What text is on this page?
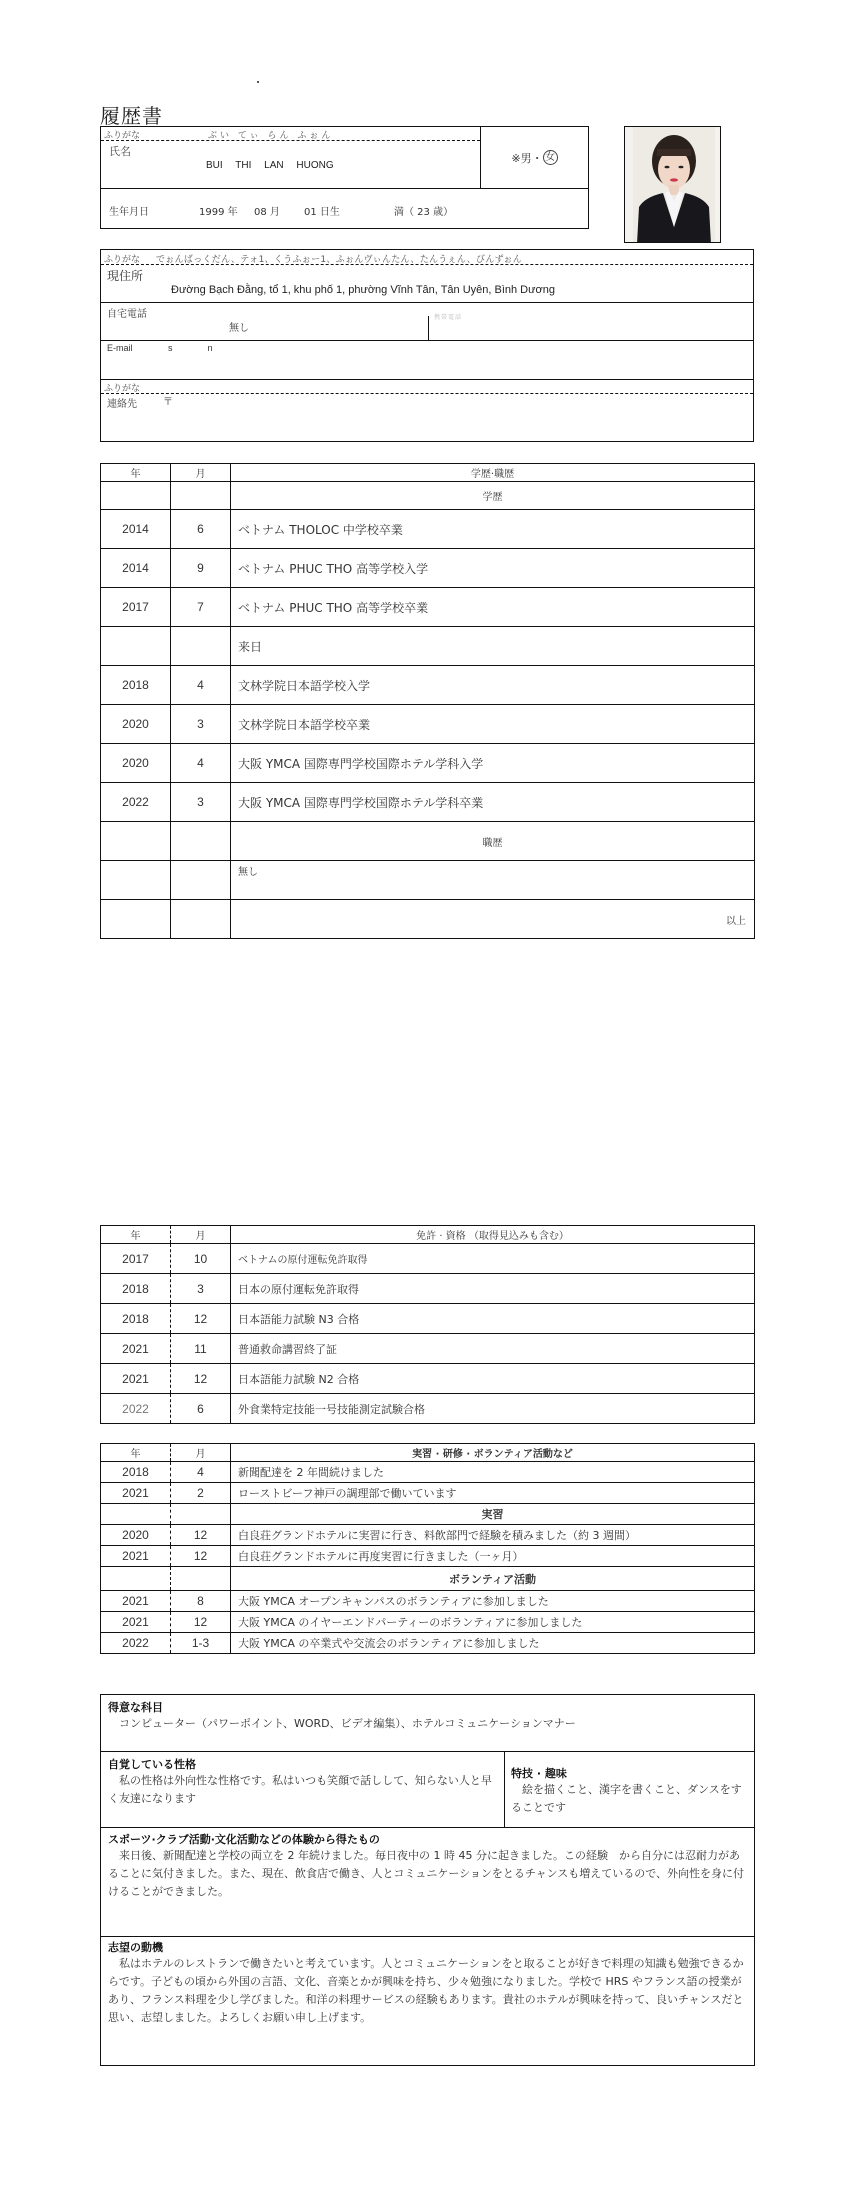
履歴書
ふりがな	ぶい てぃ らん ふぉん
氏名
BUI THI LAN HUONG
※男・ 女
生年月日	1999 年	08 月	01 日生	満（ 23 歳）
ふりがな でぉんばっくだん、テォ1、くうふぉー1、ふぉんヴぃんたん、たんうぇん、びんずぉん
現住所
Đường Bạch Đằng, tổ 1, khu phố 1, phường Vĩnh Tân, Tân Uyên, Bình Dương
自宅電話
無し
携帯電話
E-mail	s              n
ふりがな
連絡先	〒
年	月	学歴·職歴
		学歴
2014	6	ベトナム THOLOC 中学校卒業
2014	9	ベトナム PHUC THO 高等学校入学
2017	7	ベトナム PHUC THO 高等学校卒業
		来日
2018	4	文林学院日本語学校入学
2020	3	文林学院日本語学校卒業
2020	4	大阪 YMCA 国際専門学校国際ホテル学科入学
2022	3	大阪 YMCA 国際専門学校国際ホテル学科卒業
		職歴
		無し
		以上
年	月	免許 · 資格 （取得見込みも含む）
2017	10	ベトナムの原付運転免許取得
2018	3	日本の原付運転免許取得
2018	12	日本語能力試験 N3 合格
2021	11	普通救命講習終了証
2021	12	日本語能力試験 N2 合格
2022	6	外食業特定技能一号技能測定試験合格
年	月	実習 · 研修 · ボランティア活動など
2018	4	新聞配達を 2 年間続けました
2021	2	ローストビーフ神戸の調理部で働いています
		実習
2020	12	白良荘グランドホテルに実習に行き、料飲部門で経験を積みました（約 3 週間）
2021	12	白良荘グランドホテルに再度実習に行きました（一ヶ月）
		ボランティア活動
2021	8	大阪 YMCA オープンキャンパスのボランティアに参加しました
2021	12	大阪 YMCA のイヤーエンドパーティーのボランティアに参加しました
2022	1-3	大阪 YMCA の卒業式や交流会のボランティアに参加しました
得意な科目
　コンピューター（パワーポイント、WORD、ビデオ編集）、ホテルコミュニケーションマナー
自覚している性格
　私の性格は外向性な性格です。私はいつも笑顔で話しして、知らない人と早く友達になります
特技 · 趣味
　絵を描くこと、漢字を書くこと、ダンスをすることです
スポーツ·クラブ活動·文化活動などの体験から得たもの
　来日後、新聞配達と学校の両立を 2 年続けました。毎日夜中の 1 時 45 分に起きました。この経験　から自分には忍耐力があることに気付きました。また、現在、飲食店で働き、人とコミュニケーションをとるチャンスも増えているので、外向性を身に付けることができました。
志望の動機
　私はホテルのレストランで働きたいと考えています。人とコミュニケーションをと取ることが好きで料理の知識も勉強できるからです。子どもの頃から外国の言語、文化、音楽とかが興味を持ち、少々勉強になりました。学校で HRS やフランス語の授業があり、フランス料理を少し学びました。和洋の料理サービスの経験もあります。貴社のホテルが興味を持って、良いチャンスだと思い、志望しました。よろしくお願い申し上げます。
